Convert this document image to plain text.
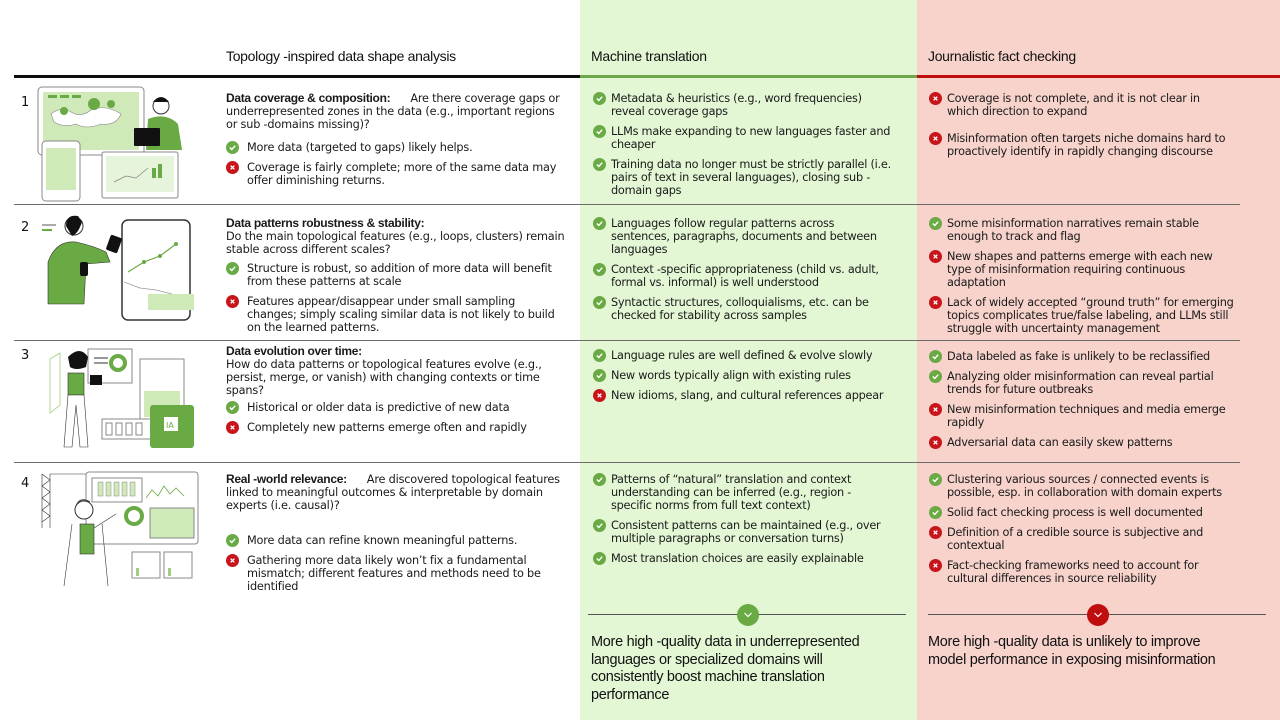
Topology -inspired data shape analysis	Machine translation	Journalistic fact checking
1
2
3
4
IA
Data coverage & composition: Are there coverage gaps or underrepresented zones in the data (e.g., important regions or sub -domains missing)?
More data (targeted to gaps) likely helps.
Coverage is fairly complete; more of the same data may offer diminishing returns.
Data patterns robustness & stability:
Do the main topological features (e.g., loops, clusters) remain stable across different scales?
Structure is robust, so addition of more data will benefit from these patterns at scale
Features appear/disappear under small sampling changes; simply scaling similar data is not likely to build on the learned patterns.
Data evolution over time:
How do data patterns or topological features evolve (e.g., persist, merge, or vanish) with changing contexts or time spans?
Historical or older data is predictive of new data
Completely new patterns emerge often and rapidly
Real -world relevance: Are discovered topological features linked to meaningful outcomes & interpretable by domain experts (i.e. causal)?
More data can refine known meaningful patterns.
Gathering more data likely won’t fix a fundamental mismatch; different features and methods need to be identified
Metadata & heuristics (e.g., word frequencies) reveal coverage gaps
LLMs make expanding to new languages faster and cheaper
Training data no longer must be strictly parallel (i.e. pairs of text in several languages), closing sub -domain gaps
Languages follow regular patterns across sentences, paragraphs, documents and between languages
Context -specific appropriateness (child vs. adult, formal vs. informal) is well understood
Syntactic structures, colloquialisms, etc. can be checked for stability across samples
Language rules are well defined & evolve slowly
New words typically align with existing rules
New idioms, slang, and cultural references appear
Patterns of “natural” translation and context understanding can be inferred (e.g., region - specific norms from full text context)
Consistent patterns can be maintained (e.g., over multiple paragraphs or conversation turns)
Most translation choices are easily explainable
Coverage is not complete, and it is not clear in which direction to expand
Misinformation often targets niche domains hard to proactively identify in rapidly changing discourse
Some misinformation narratives remain stable enough to track and flag
New shapes and patterns emerge with each new type of misinformation requiring continuous adaptation
Lack of widely accepted “ground truth” for emerging topics complicates true/false labeling, and LLMs still struggle with uncertainty management
Data labeled as fake is unlikely to be reclassified
Analyzing older misinformation can reveal partial trends for future outbreaks
New misinformation techniques and media emerge rapidly
Adversarial data can easily skew patterns
Clustering various sources / connected events is possible, esp. in collaboration with domain experts
Solid fact checking process is well documented
Definition of a credible source is subjective and contextual
Fact-checking frameworks need to account for cultural differences in source reliability
More high -quality data in underrepresented languages or specialized domains will consistently boost machine translation performance
More high -quality data is unlikely to improve model performance in exposing misinformation
